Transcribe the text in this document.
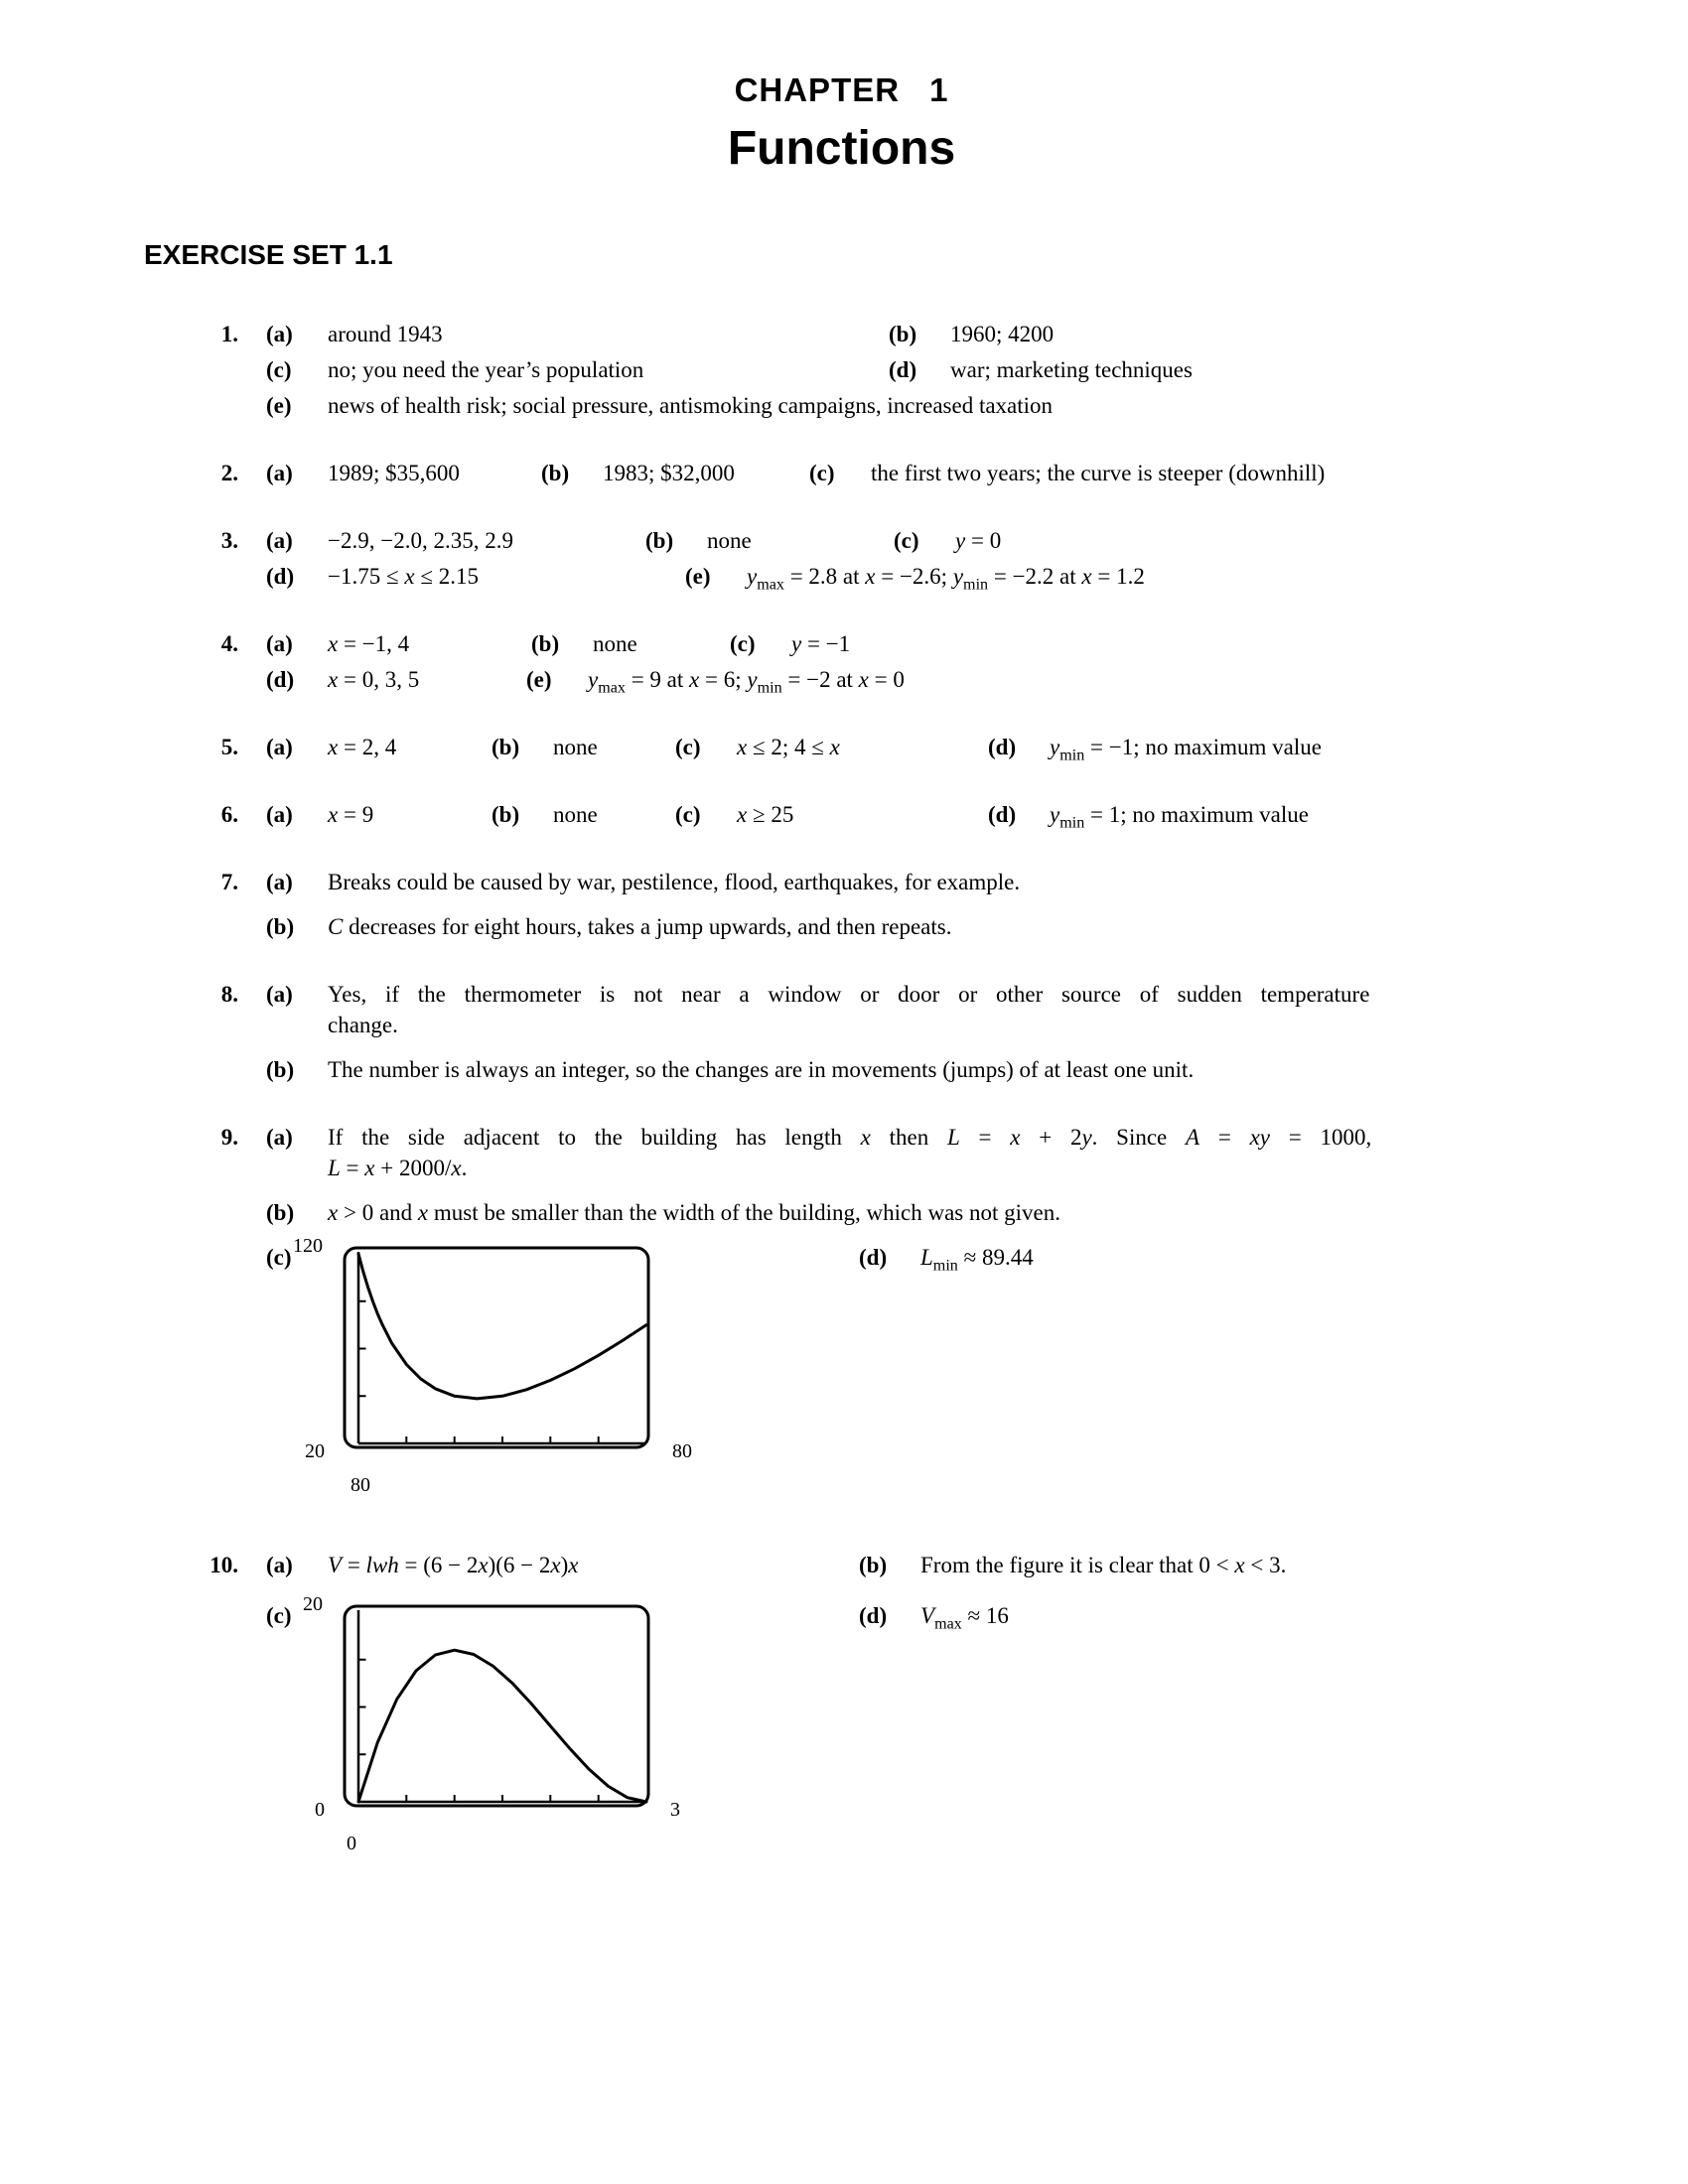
CHAPTER 1
Functions
EXERCISE SET 1.1
1.	(a) around 1943	(b) 1960; 4200
(c) no; you need the year’s population	(d) war; marketing techniques
(e) news of health risk; social pressure, antismoking campaigns, increased taxation
2.	(a) 1989; $35,600	(b) 1983; $32,000	(c) the first two years; the curve is steeper (downhill)
3.	(a) −2.9, −2.0, 2.35, 2.9	(b) none	(c) y = 0
(d) −1.75 ≤ x ≤ 2.15	(e) $y_{max} = 2.8$ at x = −2.6; $y_{min} = -2.2$ at x = 1.2
4.	(a) x = −1, 4	(b) none	(c) y = −1
(d) x = 0, 3, 5	(e) $y_{max} = 9$ at x = 6; $y_{min} = -2$ at x = 0
5.	(a) x = 2, 4	(b) none	(c) x ≤ 2; 4 ≤ x	(d) $y_{min} = -1$; no maximum value
6.	(a) x = 9	(b) none	(c) x ≥ 25	(d) $y_{min} = 1$; no maximum value
7.	(a)	Breaks could be caused by war, pestilence, flood, earthquakes, for example.
(b)	C decreases for eight hours, takes a jump upwards, and then repeats.
8.	(a)	Yes, if the thermometer is not near a window or door or other source of sudden temperature
change.
(b)	The number is always an integer, so the changes are in movements (jumps) of at least one unit.
9.	(a)	If the side adjacent to the building has length x then L = x + 2y. Since A = xy = 1000,
L = x + 2000/x.
(b)	x > 0 and x must be smaller than the width of the building, which was not given.
(c) 120
20	80
80
(d) $L_{min} \approx 89.44$
10.	(a) V = lwh = (6 − 2x)(6 − 2x)x	(b) From the figure it is clear that 0 < x < 3.
(c) 20
0	3
0
(d) $V_{max} \approx 16$
